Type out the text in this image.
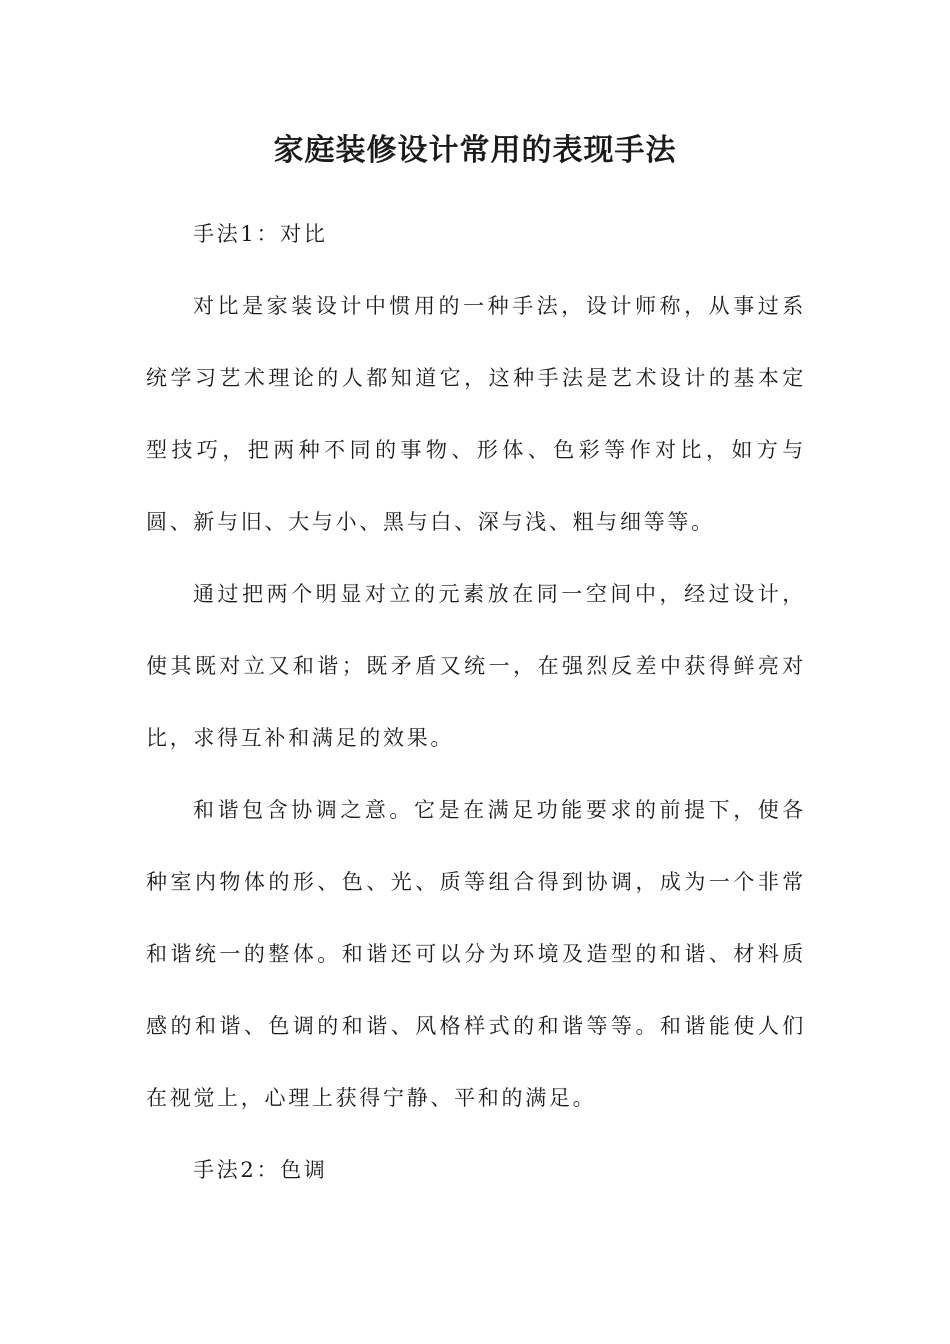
家庭装修设计常用的表现手法

手法1：对比

对比是家装设计中惯用的一种手法，设计师称，从事过系统学习艺术理论的人都知道它，这种手法是艺术设计的基本定型技巧，把两种不同的事物、形体、色彩等作对比，如方与圆、新与旧、大与小、黑与白、深与浅、粗与细等等。

通过把两个明显对立的元素放在同一空间中，经过设计，使其既对立又和谐；既矛盾又统一，在强烈反差中获得鲜亮对比，求得互补和满足的效果。

和谐包含协调之意。它是在满足功能要求的前提下，使各种室内物体的形、色、光、质等组合得到协调，成为一个非常和谐统一的整体。和谐还可以分为环境及造型的和谐、材料质感的和谐、色调的和谐、风格样式的和谐等等。和谐能使人们在视觉上，心理上获得宁静、平和的满足。

手法2：色调
